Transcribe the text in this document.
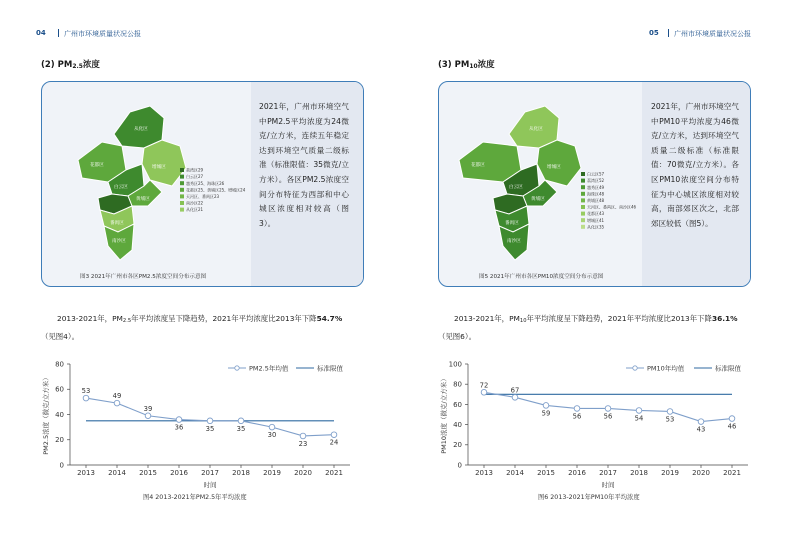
04	广州市环境质量状况公报	05 广州市环境质量状况公报
(2) $PM_{2.5}$浓度
从化区
花都区	增城区
白云区
黄埔区
番禺区
南沙区
荔湾区29
白云区27
越秀区25、海珠区26
花都区25、黄埔区25、增城区24
天河区、番禺区23
南沙区22
从化区21
2021年，广州市环境空气中PM2.5平均浓度为24微克/立方米，连续五年稳定达到环境空气质量二级标准（标准限值：35微克/立方米）。各区PM2.5浓度空间分布特征为西部和中心城区浓度相对较高（图3）。
图3 2021年广州市各区PM2.5浓度空间分布示意图
2013-2021年，$PM_{2.5}$年平均浓度呈下降趋势，2021年平均浓度比2013年下降54.7%
（见图4）。
0
20
40
60
80
2013 2014 2015 2016 2017 2018 2019 2020 2021
时间
PM2.5浓度（微克/立方米）	53
49
39
36	35	35
30
23	24
PM2.5年均值	标准限值
图4 2013-2021年PM2.5年平均浓度
(3) $PM_{10}$浓度
从化区
花都区	增城区
白云区
黄埔区
番禺区
南沙区
白云区57
荔湾区52
越秀区49
海珠区48
黄埔区48
天河区、番禺区、南沙区46
花都区43
增城区41
从化区35
2021年，广州市环境空气中PM10平均浓度为46微克/立方米，达到环境空气质量二级标准（标准限值：70微克/立方米）。各区PM10浓度空间分布特征为中心城区浓度相对较高，南部郊区次之，北部郊区较低（图5）。
图5 2021年广州市各区PM10浓度空间分布示意图
2013-2021年，$PM_{10}$年平均浓度呈下降趋势，2021年平均浓度比2013年下降36.1%
（见图6）。
0
20
40
60
80
100
2013 2014 2015 2016 2017 2018 2019 2020 2021
时间
PM10浓度（微克/立方米）	72
67
59	56	56	54	53
43	46
PM10年均值	标准限值
图6 2013-2021年PM10年平均浓度
